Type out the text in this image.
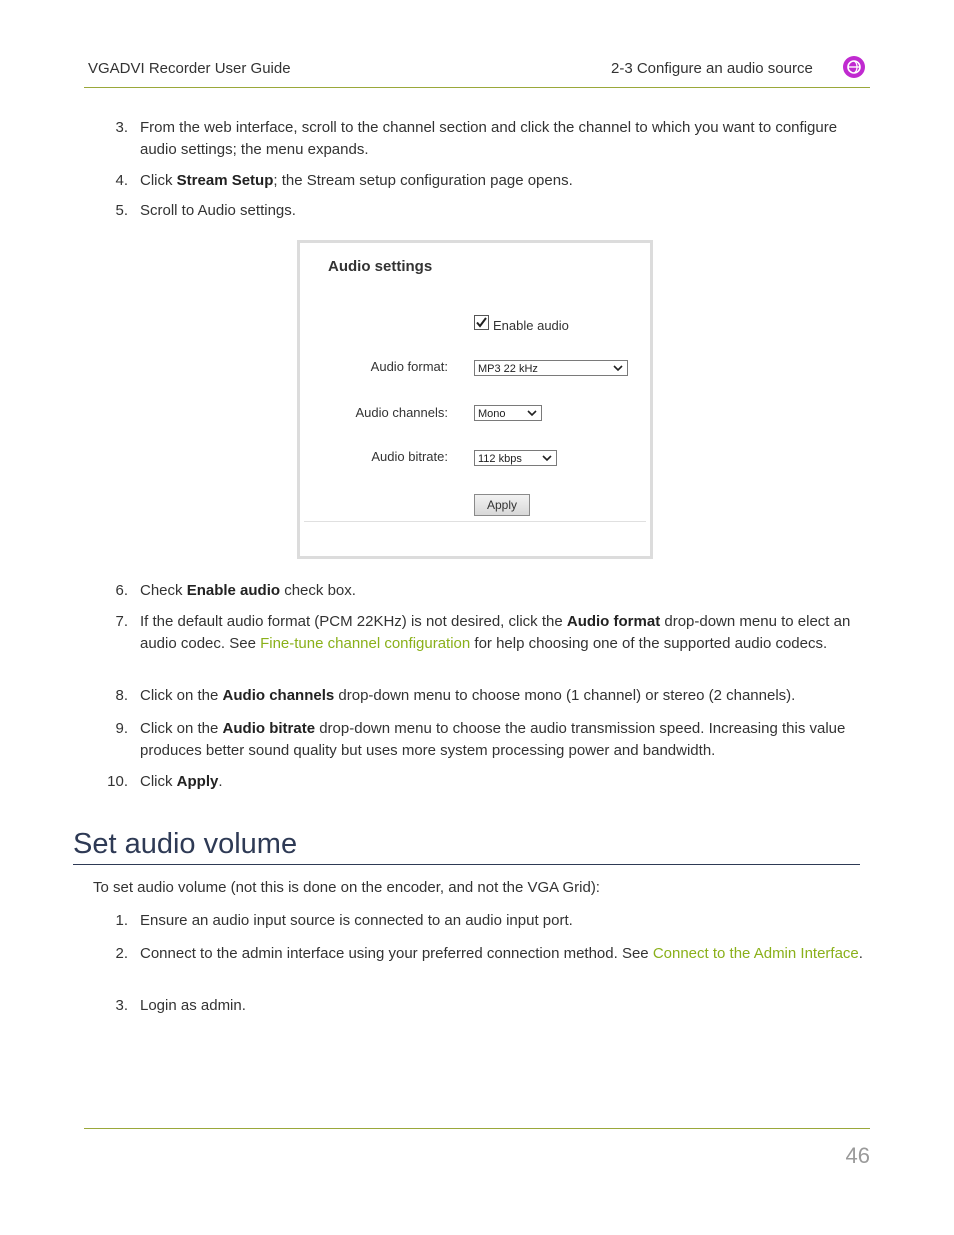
VGADVI Recorder User Guide	2-3 Configure an audio source
3. From the web interface, scroll to the channel section and click the channel to which you want to configure audio settings; the menu expands.
4. Click Stream Setup; the Stream setup configuration page opens.
5. Scroll to Audio settings.
Audio settings
Enable audio
Audio format:	MP3 22 kHz
Audio channels:	Mono
Audio bitrate:	112 kbps
Apply
6. Check Enable audio check box.
7. If the default audio format (PCM 22KHz) is not desired, click the Audio format drop-down menu to elect an audio codec. See Fine-tune channel configuration for help choosing one of the supported audio codecs.
8. Click on the Audio channels drop-down menu to choose mono (1 channel) or stereo (2 channels).
9. Click on the Audio bitrate drop-down menu to choose the audio transmission speed. Increasing this value produces better sound quality but uses more system processing power and bandwidth.
10. Click Apply.
Set audio volume
To set audio volume (not this is done on the encoder, and not the VGA Grid):
1. Ensure an audio input source is connected to an audio input port.
2. Connect to the admin interface using your preferred connection method. See Connect to the Admin Interface.
3. Login as admin.
46
